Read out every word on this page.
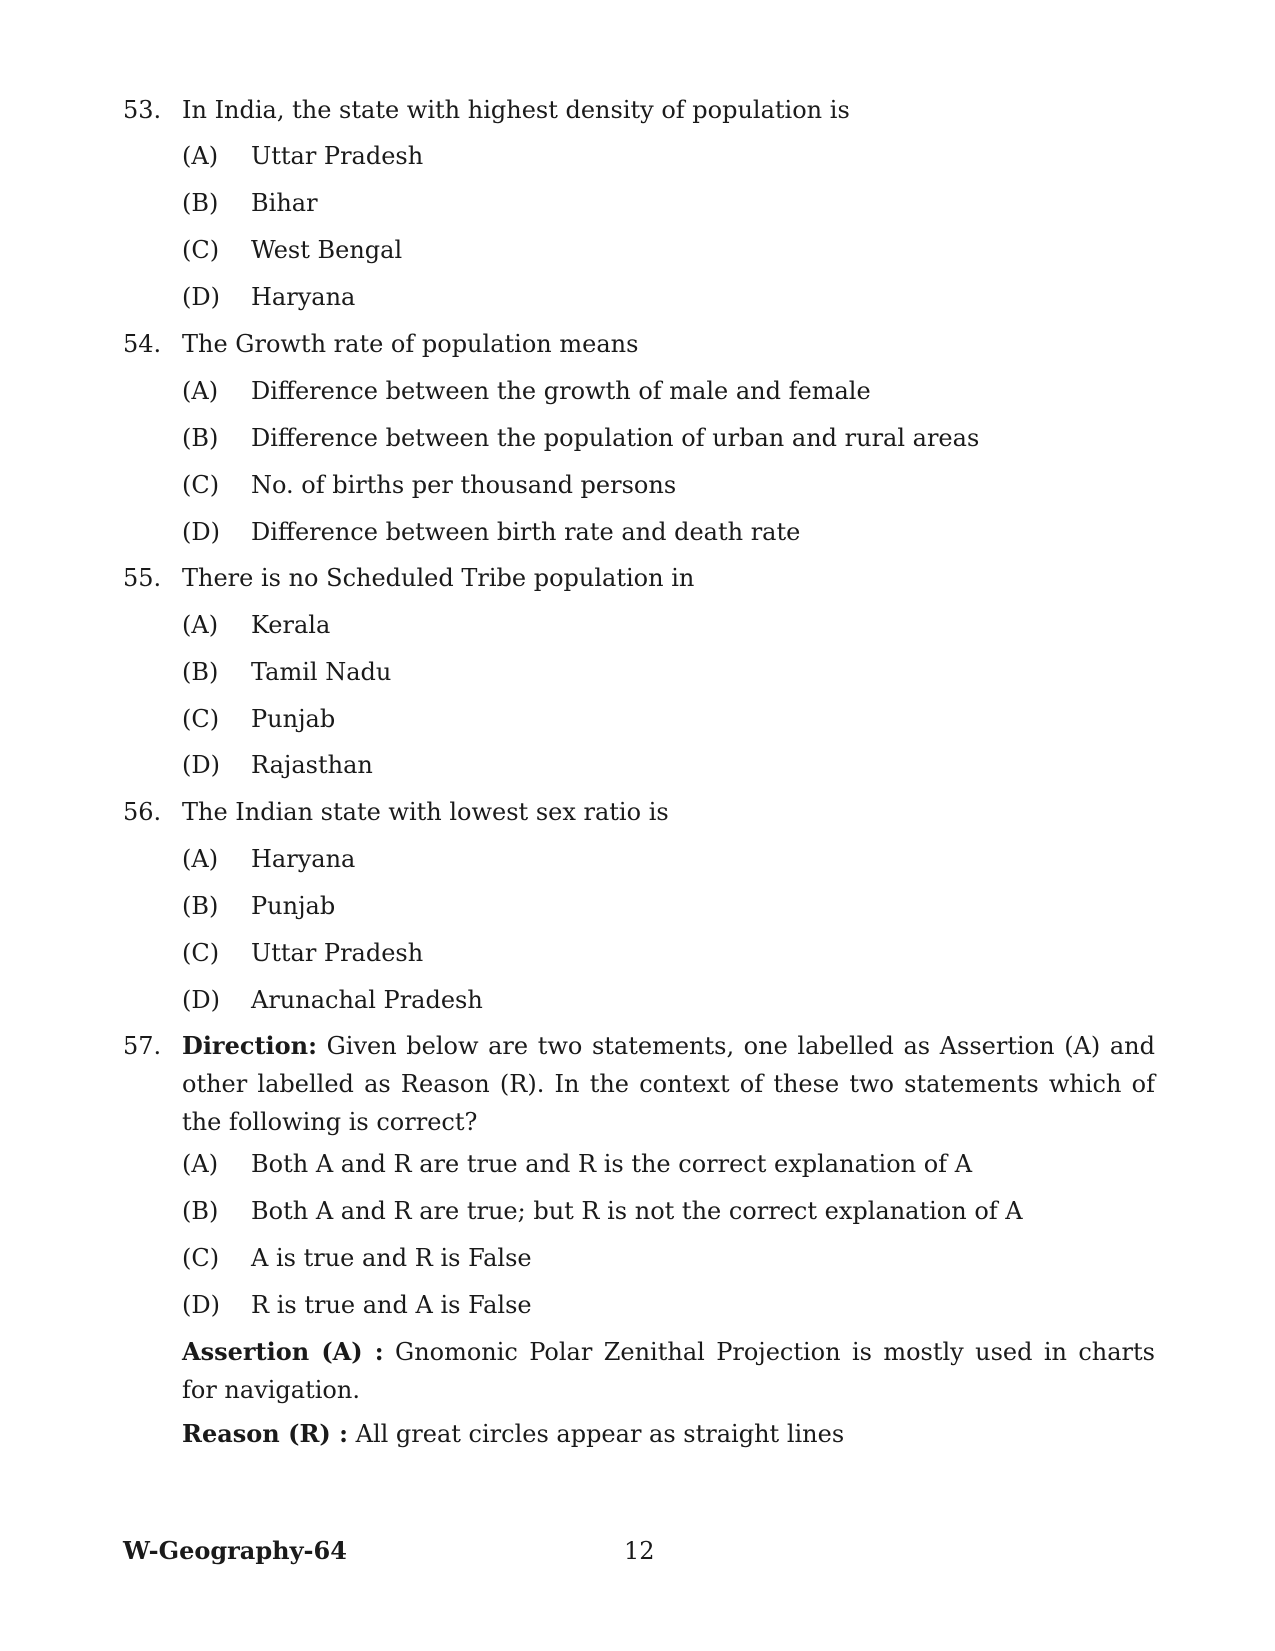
53. In India, the state with highest density of population is
(A) Uttar Pradesh
(B) Bihar
(C) West Bengal
(D) Haryana
54. The Growth rate of population means
(A) Difference between the growth of male and female
(B) Difference between the population of urban and rural areas
(C) No. of births per thousand persons
(D) Difference between birth rate and death rate
55. There is no Scheduled Tribe population in
(A) Kerala
(B) Tamil Nadu
(C) Punjab
(D) Rajasthan
56. The Indian state with lowest sex ratio is
(A) Haryana
(B) Punjab
(C) Uttar Pradesh
(D) Arunachal Pradesh
57. Direction: Given below are two statements, one labelled as Assertion (A) and other labelled as Reason (R). In the context of these two statements which of the following is correct?
(A) Both A and R are true and R is the correct explanation of A
(B) Both A and R are true; but R is not the correct explanation of A
(C) A is true and R is False
(D) R is true and A is False
Assertion (A) : Gnomonic Polar Zenithal Projection is mostly used in charts for navigation.
Reason (R) : All great circles appear as straight lines
W-Geography-64	12
